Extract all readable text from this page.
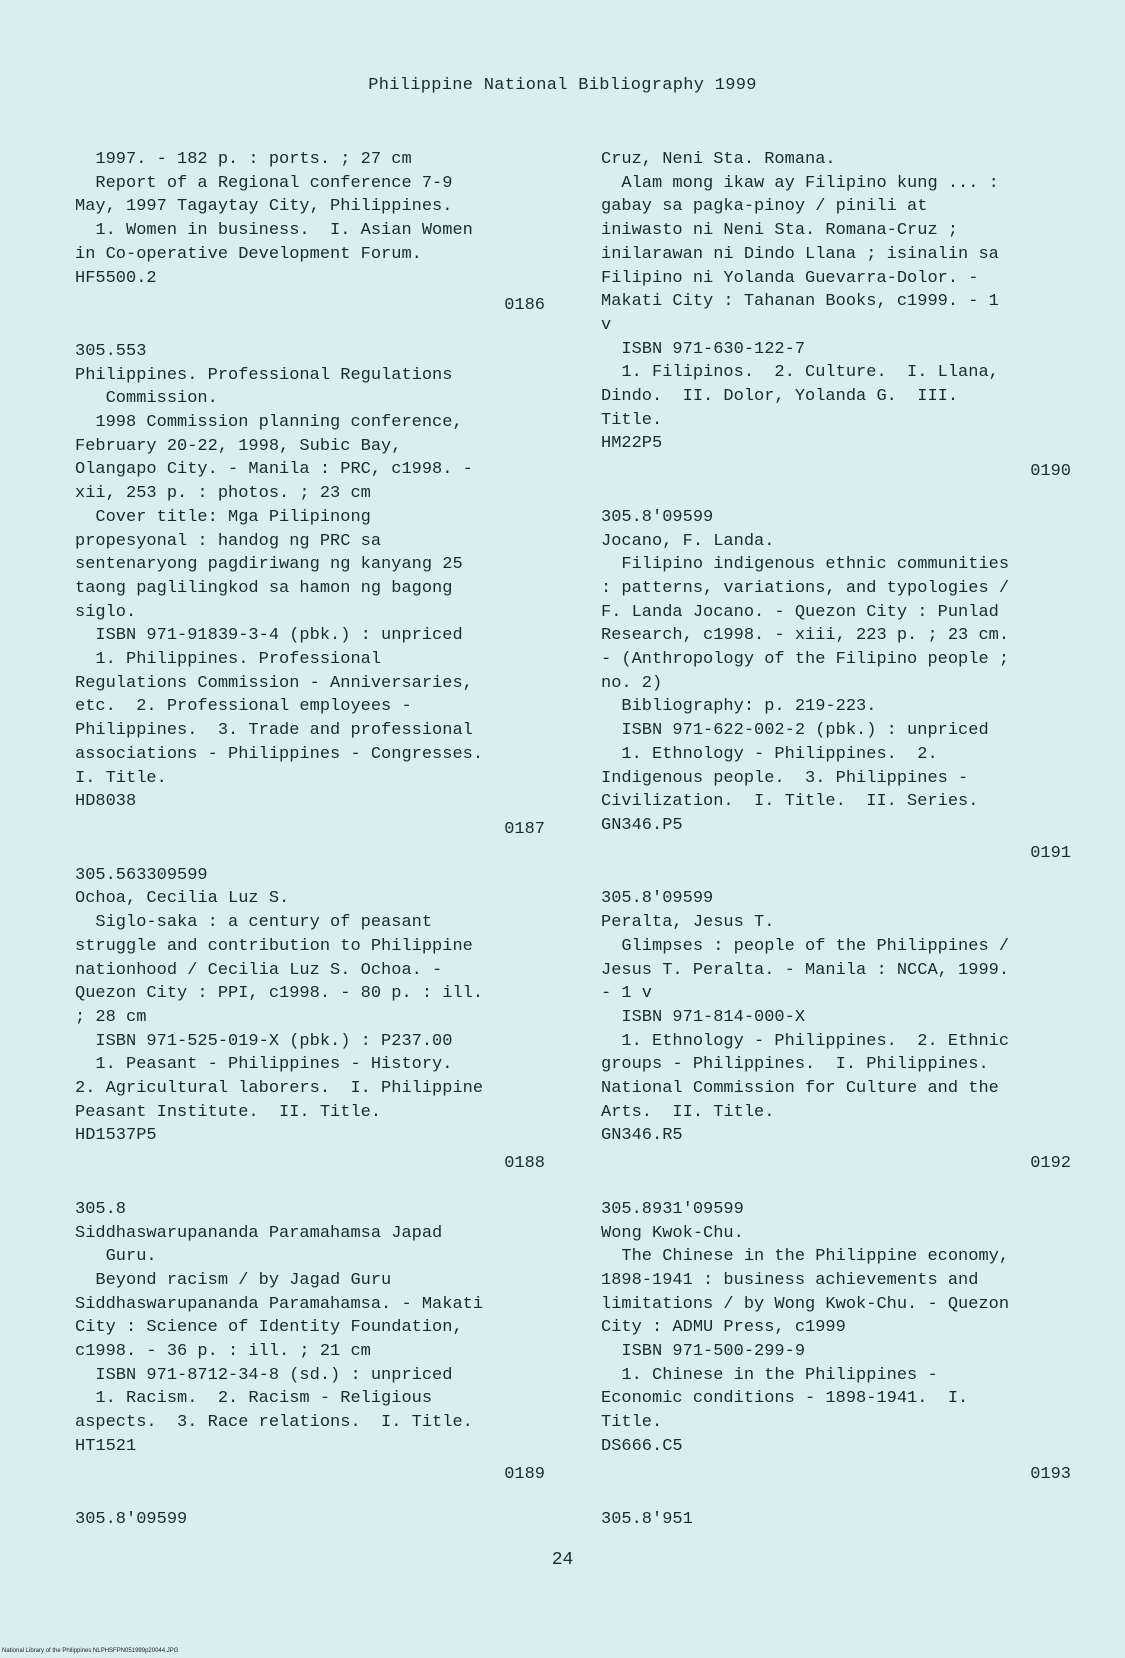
Philippine National Bibliography 1999
1997. - 182 p. : ports. ; 27 cm
Report of a Regional conference 7-9
May, 1997 Tagaytay City, Philippines.
1. Women in business.  I. Asian Women
in Co-operative Development Forum.
HF5500.2
0186
305.553
Philippines. Professional Regulations
Commission.
1998 Commission planning conference,
February 20-22, 1998, Subic Bay,
Olangapo City. - Manila : PRC, c1998. -
xii, 253 p. : photos. ; 23 cm
Cover title: Mga Pilipinong
propesyonal : handog ng PRC sa
sentenaryong pagdiriwang ng kanyang 25
taong paglilingkod sa hamon ng bagong
siglo.
ISBN 971-91839-3-4 (pbk.) : unpriced
1. Philippines. Professional
Regulations Commission - Anniversaries,
etc.  2. Professional employees -
Philippines.  3. Trade and professional
associations - Philippines - Congresses.
I. Title.
HD8038
0187
305.563309599
Ochoa, Cecilia Luz S.
Siglo-saka : a century of peasant
struggle and contribution to Philippine
nationhood / Cecilia Luz S. Ochoa. -
Quezon City : PPI, c1998. - 80 p. : ill.
; 28 cm
ISBN 971-525-019-X (pbk.) : P237.00
1. Peasant - Philippines - History.
2. Agricultural laborers.  I. Philippine
Peasant Institute.  II. Title.
HD1537P5
0188
305.8
Siddhaswarupananda Paramahamsa Japad
Guru.
Beyond racism / by Jagad Guru
Siddhaswarupananda Paramahamsa. - Makati
City : Science of Identity Foundation,
c1998. - 36 p. : ill. ; 21 cm
ISBN 971-8712-34-8 (sd.) : unpriced
1. Racism.  2. Racism - Religious
aspects.  3. Race relations.  I. Title.
HT1521
0189
305.8'09599
Cruz, Neni Sta. Romana.
Alam mong ikaw ay Filipino kung ... :
gabay sa pagka-pinoy / pinili at
iniwasto ni Neni Sta. Romana-Cruz ;
inilarawan ni Dindo Llana ; isinalin sa
Filipino ni Yolanda Guevarra-Dolor. -
Makati City : Tahanan Books, c1999. - 1
v
ISBN 971-630-122-7
1. Filipinos.  2. Culture.  I. Llana,
Dindo.  II. Dolor, Yolanda G.  III.
Title.
HM22P5
0190
305.8'09599
Jocano, F. Landa.
Filipino indigenous ethnic communities
: patterns, variations, and typologies /
F. Landa Jocano. - Quezon City : Punlad
Research, c1998. - xiii, 223 p. ; 23 cm.
- (Anthropology of the Filipino people ;
no. 2)
Bibliography: p. 219-223.
ISBN 971-622-002-2 (pbk.) : unpriced
1. Ethnology - Philippines.  2.
Indigenous people.  3. Philippines -
Civilization.  I. Title.  II. Series.
GN346.P5
0191
305.8'09599
Peralta, Jesus T.
Glimpses : people of the Philippines /
Jesus T. Peralta. - Manila : NCCA, 1999.
- 1 v
ISBN 971-814-000-X
1. Ethnology - Philippines.  2. Ethnic
groups - Philippines.  I. Philippines.
National Commission for Culture and the
Arts.  II. Title.
GN346.R5
0192
305.8931'09599
Wong Kwok-Chu.
The Chinese in the Philippine economy,
1898-1941 : business achievements and
limitations / by Wong Kwok-Chu. - Quezon
City : ADMU Press, c1999
ISBN 971-500-299-9
1. Chinese in the Philippines -
Economic conditions - 1898-1941.  I.
Title.
DS666.C5
0193
305.8'951
24
National Library of the Philippines NLPHSFPN051999p20044.JPG
